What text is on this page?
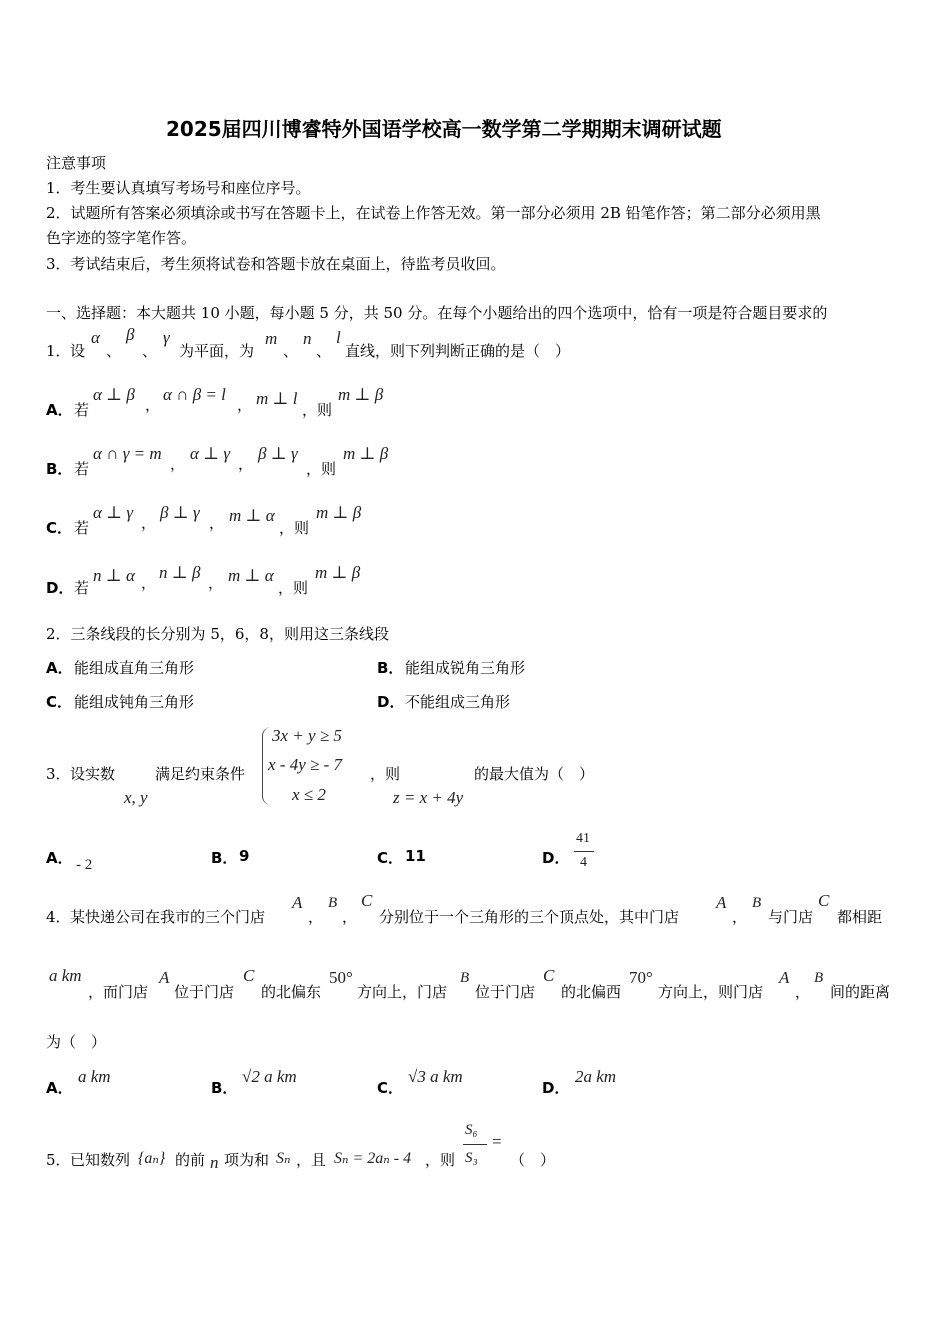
2025届四川博睿特外国语学校高一数学第二学期期末调研试题
注意事项
1．考生要认真填写考场号和座位序号。
2．试题所有答案必须填涂或书写在答题卡上，在试卷上作答无效。第一部分必须用 2B 铅笔作答；第二部分必须用黑
色字迹的签字笔作答。
3．考试结束后，考生须将试卷和答题卡放在桌面上，待监考员收回。
一、选择题：本大题共 10 小题，每小题 5 分，共 50 分。在每个小题给出的四个选项中，恰有一项是符合题目要求的
1． 设
α
、
β
、
γ
为平面，为
m
、
n
、
l
直线，则下列判断正确的是（　）
A． 若
α ⊥ β
，
α ∩ β = l
， m ⊥ l
，则
m ⊥ β
B． 若
α ∩ γ = m
，
α ⊥ γ
，
β ⊥ γ
，则
m ⊥ β
C． 若
α ⊥ γ
，
β ⊥ γ
， m ⊥ α
，则
m ⊥ β
D． 若
n ⊥ α ，
n ⊥ β
， m ⊥ α
，则
m ⊥ β
2．三条线段的长分别为 5，6，8，则用这三条线段
A． 能组成直角三角形	B． 能组成锐角三角形
C． 能组成钝角三角形	D． 不能组成三角形
3． 设实数
x, y
满足约束条件
3x + y ≥ 5
x - 4y ≥ - 7
x ≤ 2
，则
z = x + 4y
的最大值为（　）
A． - 2	B． 9	C． 11	D．
41
4
4． 某快递公司在我市的三个门店
A
，
B
，
C
分别位于一个三角形的三个顶点处，其中门店
A
，
B
与门店
C
都相距
a km
，而门店
A
位于门店
C
的北偏东
50°
方向上，门店
B
位于门店
C
的北偏西
70°
方向上，则门店
A
，
B
间的距离
为（　）
A．
a km
B．
√2 a km
C．
√3 a km
D．
2a km
5． 已知数列 {aₙ} 的前 n 项为和 Sₙ ，且 Sₙ = 2aₙ - 4 ，则
S₆
S₃
=
（　）
